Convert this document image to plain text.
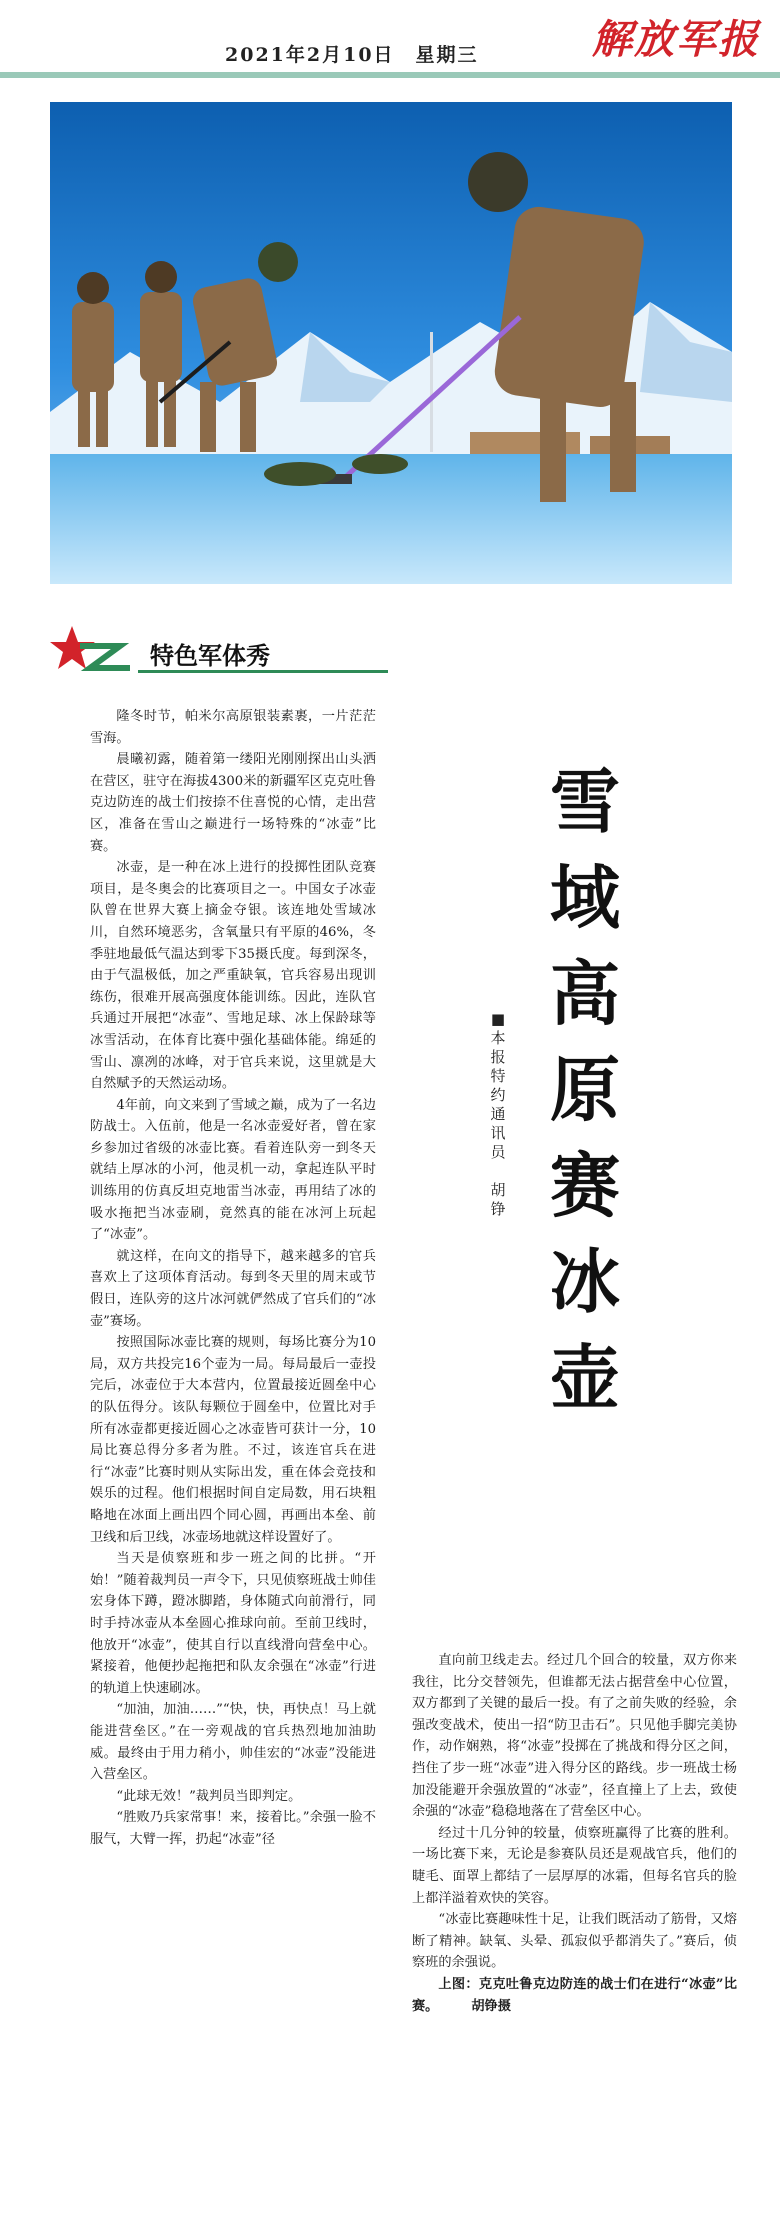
2021年2月10日　星期三	解放军报
特色军体秀

隆冬时节，帕米尔高原银装素裹，一片茫茫雪海。

晨曦初露，随着第一缕阳光刚刚探出山头洒在营区，驻守在海拔4300米的新疆军区克克吐鲁克边防连的战士们按捺不住喜悦的心情，走出营区，准备在雪山之巅进行一场特殊的“冰壶”比赛。

冰壶，是一种在冰上进行的投掷性团队竞赛项目，是冬奥会的比赛项目之一。中国女子冰壶队曾在世界大赛上摘金夺银。该连地处雪域冰川，自然环境恶劣，含氧量只有平原的46%，冬季驻地最低气温达到零下35摄氏度。每到深冬，由于气温极低，加之严重缺氧，官兵容易出现训练伤，很难开展高强度体能训练。因此，连队官兵通过开展把“冰壶”、雪地足球、冰上保龄球等冰雪活动，在体育比赛中强化基础体能。绵延的雪山、凛冽的冰峰，对于官兵来说，这里就是大自然赋予的天然运动场。

4年前，向文来到了雪域之巅，成为了一名边防战士。入伍前，他是一名冰壶爱好者，曾在家乡参加过省级的冰壶比赛。看着连队旁一到冬天就结上厚冰的小河，他灵机一动，拿起连队平时训练用的仿真反坦克地雷当冰壶，再用结了冰的吸水拖把当冰壶刷，竟然真的能在冰河上玩起了“冰壶”。

就这样，在向文的指导下，越来越多的官兵喜欢上了这项体育活动。每到冬天里的周末或节假日，连队旁的这片冰河就俨然成了官兵们的“冰壶”赛场。

按照国际冰壶比赛的规则，每场比赛分为10局，双方共投完16个壶为一局。每局最后一壶投完后，冰壶位于大本营内，位置最接近圆垒中心的队伍得分。该队每颗位于圆垒中，位置比对手所有冰壶都更接近圆心之冰壶皆可获计一分，10局比赛总得分多者为胜。不过，该连官兵在进行“冰壶”比赛时则从实际出发，重在体会竞技和娱乐的过程。他们根据时间自定局数，用石块粗略地在冰面上画出四个同心圆，再画出本垒、前卫线和后卫线，冰壶场地就这样设置好了。

当天是侦察班和步一班之间的比拼。“开始！”随着裁判员一声令下，只见侦察班战士帅佳宏身体下蹲，蹬冰脚踏，身体随式向前滑行，同时手持冰壶从本垒圆心推球向前。至前卫线时，他放开“冰壶”，使其自行以直线滑向营垒中心。紧接着，他便抄起拖把和队友余强在“冰壶”行进的轨道上快速刷冰。

“加油，加油……”“快，快，再快点！马上就能进营垒区。”在一旁观战的官兵热烈地加油助威。最终由于用力稍小，帅佳宏的“冰壶”没能进入营垒区。

“此球无效！”裁判员当即判定。

“胜败乃兵家常事！来，接着比。”余强一脸不服气，大臂一挥，扔起“冰壶”径

雪
域
高
原
赛
冰
壶
■
本
报
特
约
通
讯
员

胡
铮

直向前卫线走去。经过几个回合的较量，双方你来我往，比分交替领先，但谁都无法占据营垒中心位置，双方都到了关键的最后一投。有了之前失败的经验，余强改变战术，使出一招“防卫击石”。只见他手脚完美协作，动作娴熟，将“冰壶”投掷在了挑战和得分区之间，挡住了步一班“冰壶”进入得分区的路线。步一班战士杨加没能避开余强放置的“冰壶”，径直撞上了上去，致使余强的“冰壶”稳稳地落在了营垒区中心。

经过十几分钟的较量，侦察班赢得了比赛的胜利。一场比赛下来，无论是参赛队员还是观战官兵，他们的睫毛、面罩上都结了一层厚厚的冰霜，但每名官兵的脸上都洋溢着欢快的笑容。

“冰壶比赛趣味性十足，让我们既活动了筋骨，又熔断了精神。缺氧、头晕、孤寂似乎都消失了。”赛后，侦察班的余强说。

上图：克克吐鲁克边防连的战士们在进行“冰壶”比赛。　　　胡铮摄
